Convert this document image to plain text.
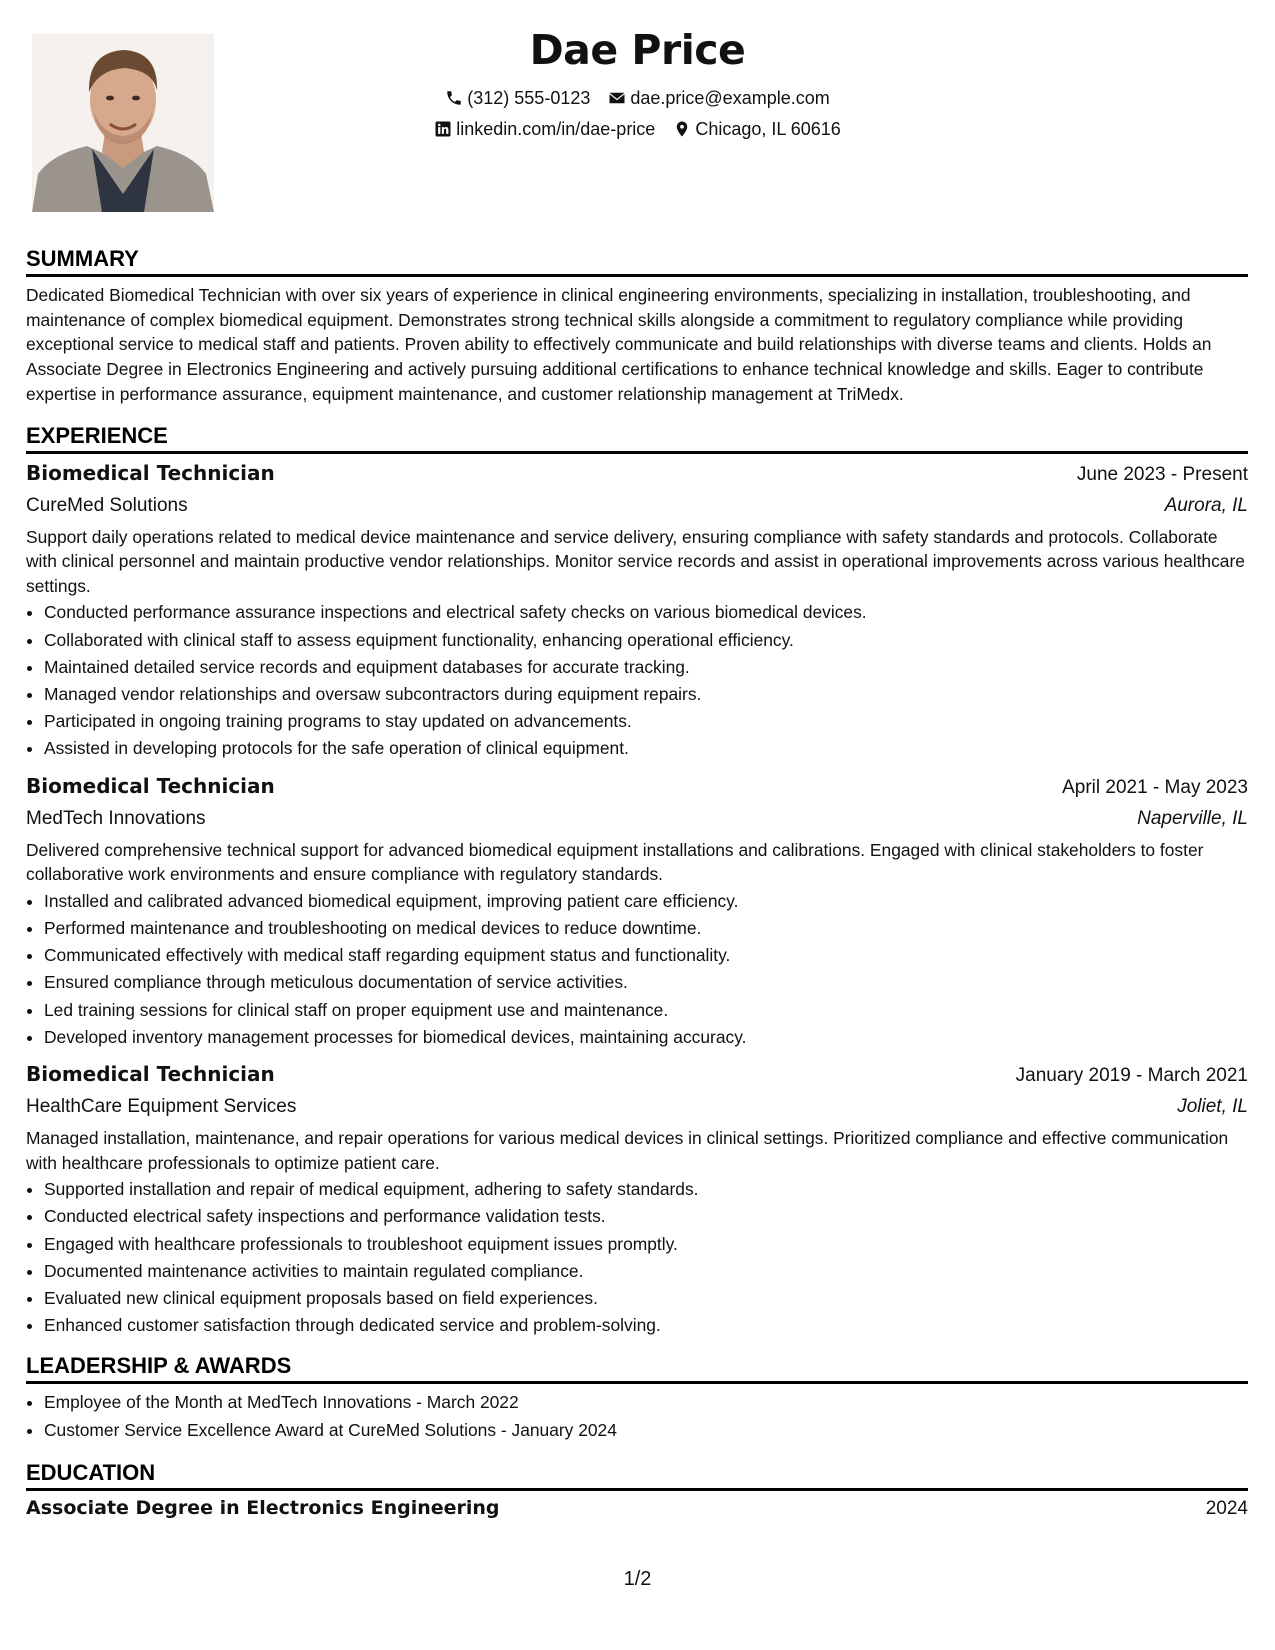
Dae Price
(312) 555-0123 dae.price@example.com
linkedin.com/in/dae-price Chicago, IL 60616
SUMMARY

Dedicated Biomedical Technician with over six years of experience in clinical engineering environments, specializing in installation, troubleshooting, and maintenance of complex biomedical equipment. Demonstrates strong technical skills alongside a commitment to regulatory compliance while providing exceptional service to medical staff and patients. Proven ability to effectively communicate and build relationships with diverse teams and clients. Holds an Associate Degree in Electronics Engineering and actively pursuing additional certifications to enhance technical knowledge and skills. Eager to contribute expertise in performance assurance, equipment maintenance, and customer relationship management at TriMedx.

EXPERIENCE
Biomedical Technician	June 2023 - Present
CureMed Solutions	Aurora, IL

Support daily operations related to medical device maintenance and service delivery, ensuring compliance with safety standards and protocols. Collaborate with clinical personnel and maintain productive vendor relationships. Monitor service records and assist in operational improvements across various healthcare settings.

• Conducted performance assurance inspections and electrical safety checks on various biomedical devices.
• Collaborated with clinical staff to assess equipment functionality, enhancing operational efficiency.
• Maintained detailed service records and equipment databases for accurate tracking.
• Managed vendor relationships and oversaw subcontractors during equipment repairs.
• Participated in ongoing training programs to stay updated on advancements.
• Assisted in developing protocols for the safe operation of clinical equipment.
Biomedical Technician	April 2021 - May 2023
MedTech Innovations	Naperville, IL

Delivered comprehensive technical support for advanced biomedical equipment installations and calibrations. Engaged with clinical stakeholders to foster collaborative work environments and ensure compliance with regulatory standards.

• Installed and calibrated advanced biomedical equipment, improving patient care efficiency.
• Performed maintenance and troubleshooting on medical devices to reduce downtime.
• Communicated effectively with medical staff regarding equipment status and functionality.
• Ensured compliance through meticulous documentation of service activities.
• Led training sessions for clinical staff on proper equipment use and maintenance.
• Developed inventory management processes for biomedical devices, maintaining accuracy.
Biomedical Technician	January 2019 - March 2021
HealthCare Equipment Services	Joliet, IL

Managed installation, maintenance, and repair operations for various medical devices in clinical settings. Prioritized compliance and effective communication with healthcare professionals to optimize patient care.

• Supported installation and repair of medical equipment, adhering to safety standards.
• Conducted electrical safety inspections and performance validation tests.
• Engaged with healthcare professionals to troubleshoot equipment issues promptly.
• Documented maintenance activities to maintain regulated compliance.
• Evaluated new clinical equipment proposals based on field experiences.
• Enhanced customer satisfaction through dedicated service and problem-solving.
LEADERSHIP & AWARDS
• Employee of the Month at MedTech Innovations - March 2022
• Customer Service Excellence Award at CureMed Solutions - January 2024
EDUCATION
Associate Degree in Electronics Engineering	2024
1/2
